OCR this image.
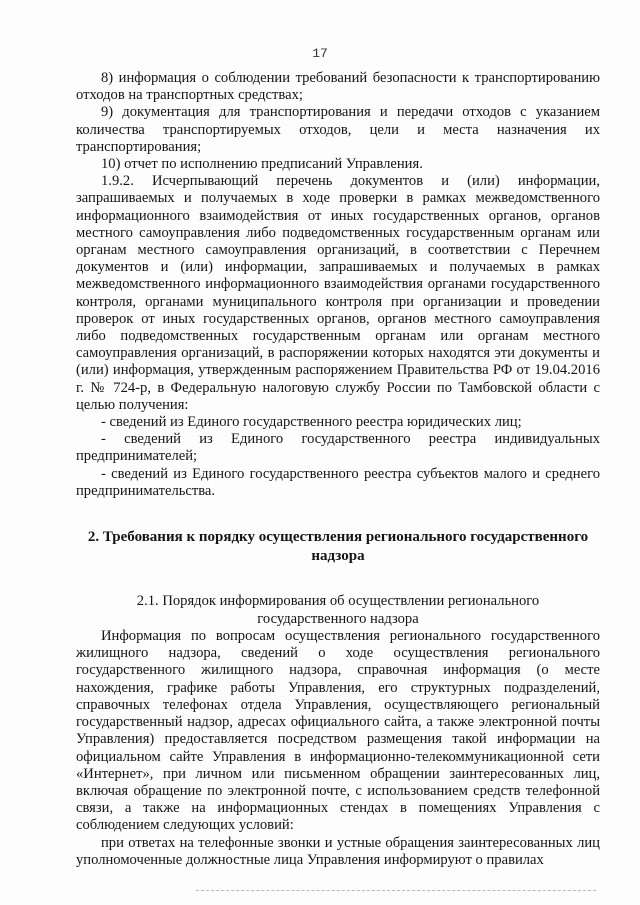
17

8) информация о соблюдении требований безопасности к транспортированию отходов на транспортных средствах;

9) документация для транспортирования и передачи отходов с указанием количества транспортируемых отходов, цели и места назначения их транспортирования;

10) отчет по исполнению предписаний Управления.

1.9.2. Исчерпывающий перечень документов и (или) информации, запрашиваемых и получаемых в ходе проверки в рамках межведомственного информационного взаимодействия от иных государственных органов, органов местного самоуправления либо подведомственных государственным органам или органам местного самоуправления организаций, в соответствии с Перечнем документов и (или) информации, запрашиваемых и получаемых в рамках межведомственного информационного взаимодействия органами государственного контроля, органами муниципального контроля при организации и проведении проверок от иных государственных органов, органов местного самоуправления либо подведомственных государственным органам или органам местного самоуправления организаций, в распоряжении которых находятся эти документы и (или) информация, утвержденным распоряжением Правительства РФ от 19.04.2016 г. № 724-р, в Федеральную налоговую службу России по Тамбовской области с целью получения:

- сведений из Единого государственного реестра юридических лиц;

- сведений из Единого государственного реестра индивидуальных предпринимателей;

- сведений из Единого государственного реестра субъектов малого и среднего предпринимательства.

2. Требования к порядку осуществления регионального государственного надзора

2.1. Порядок информирования об осуществлении регионального государственного надзора

Информация по вопросам осуществления регионального государственного жилищного надзора, сведений о ходе осуществления регионального государственного жилищного надзора, справочная информация (о месте нахождения, графике работы Управления, его структурных подразделений, справочных телефонах отдела Управления, осуществляющего региональный государственный надзор, адресах официального сайта, а также электронной почты Управления) предоставляется посредством размещения такой информации на официальном сайте Управления в информационно-телекоммуникационной сети «Интернет», при личном или письменном обращении заинтересованных лиц, включая обращение по электронной почте, с использованием средств телефонной связи, а также на информационных стендах в помещениях Управления с соблюдением следующих условий:

при ответах на телефонные звонки и устные обращения заинтересованных лиц уполномоченные должностные лица Управления информируют о правилах
